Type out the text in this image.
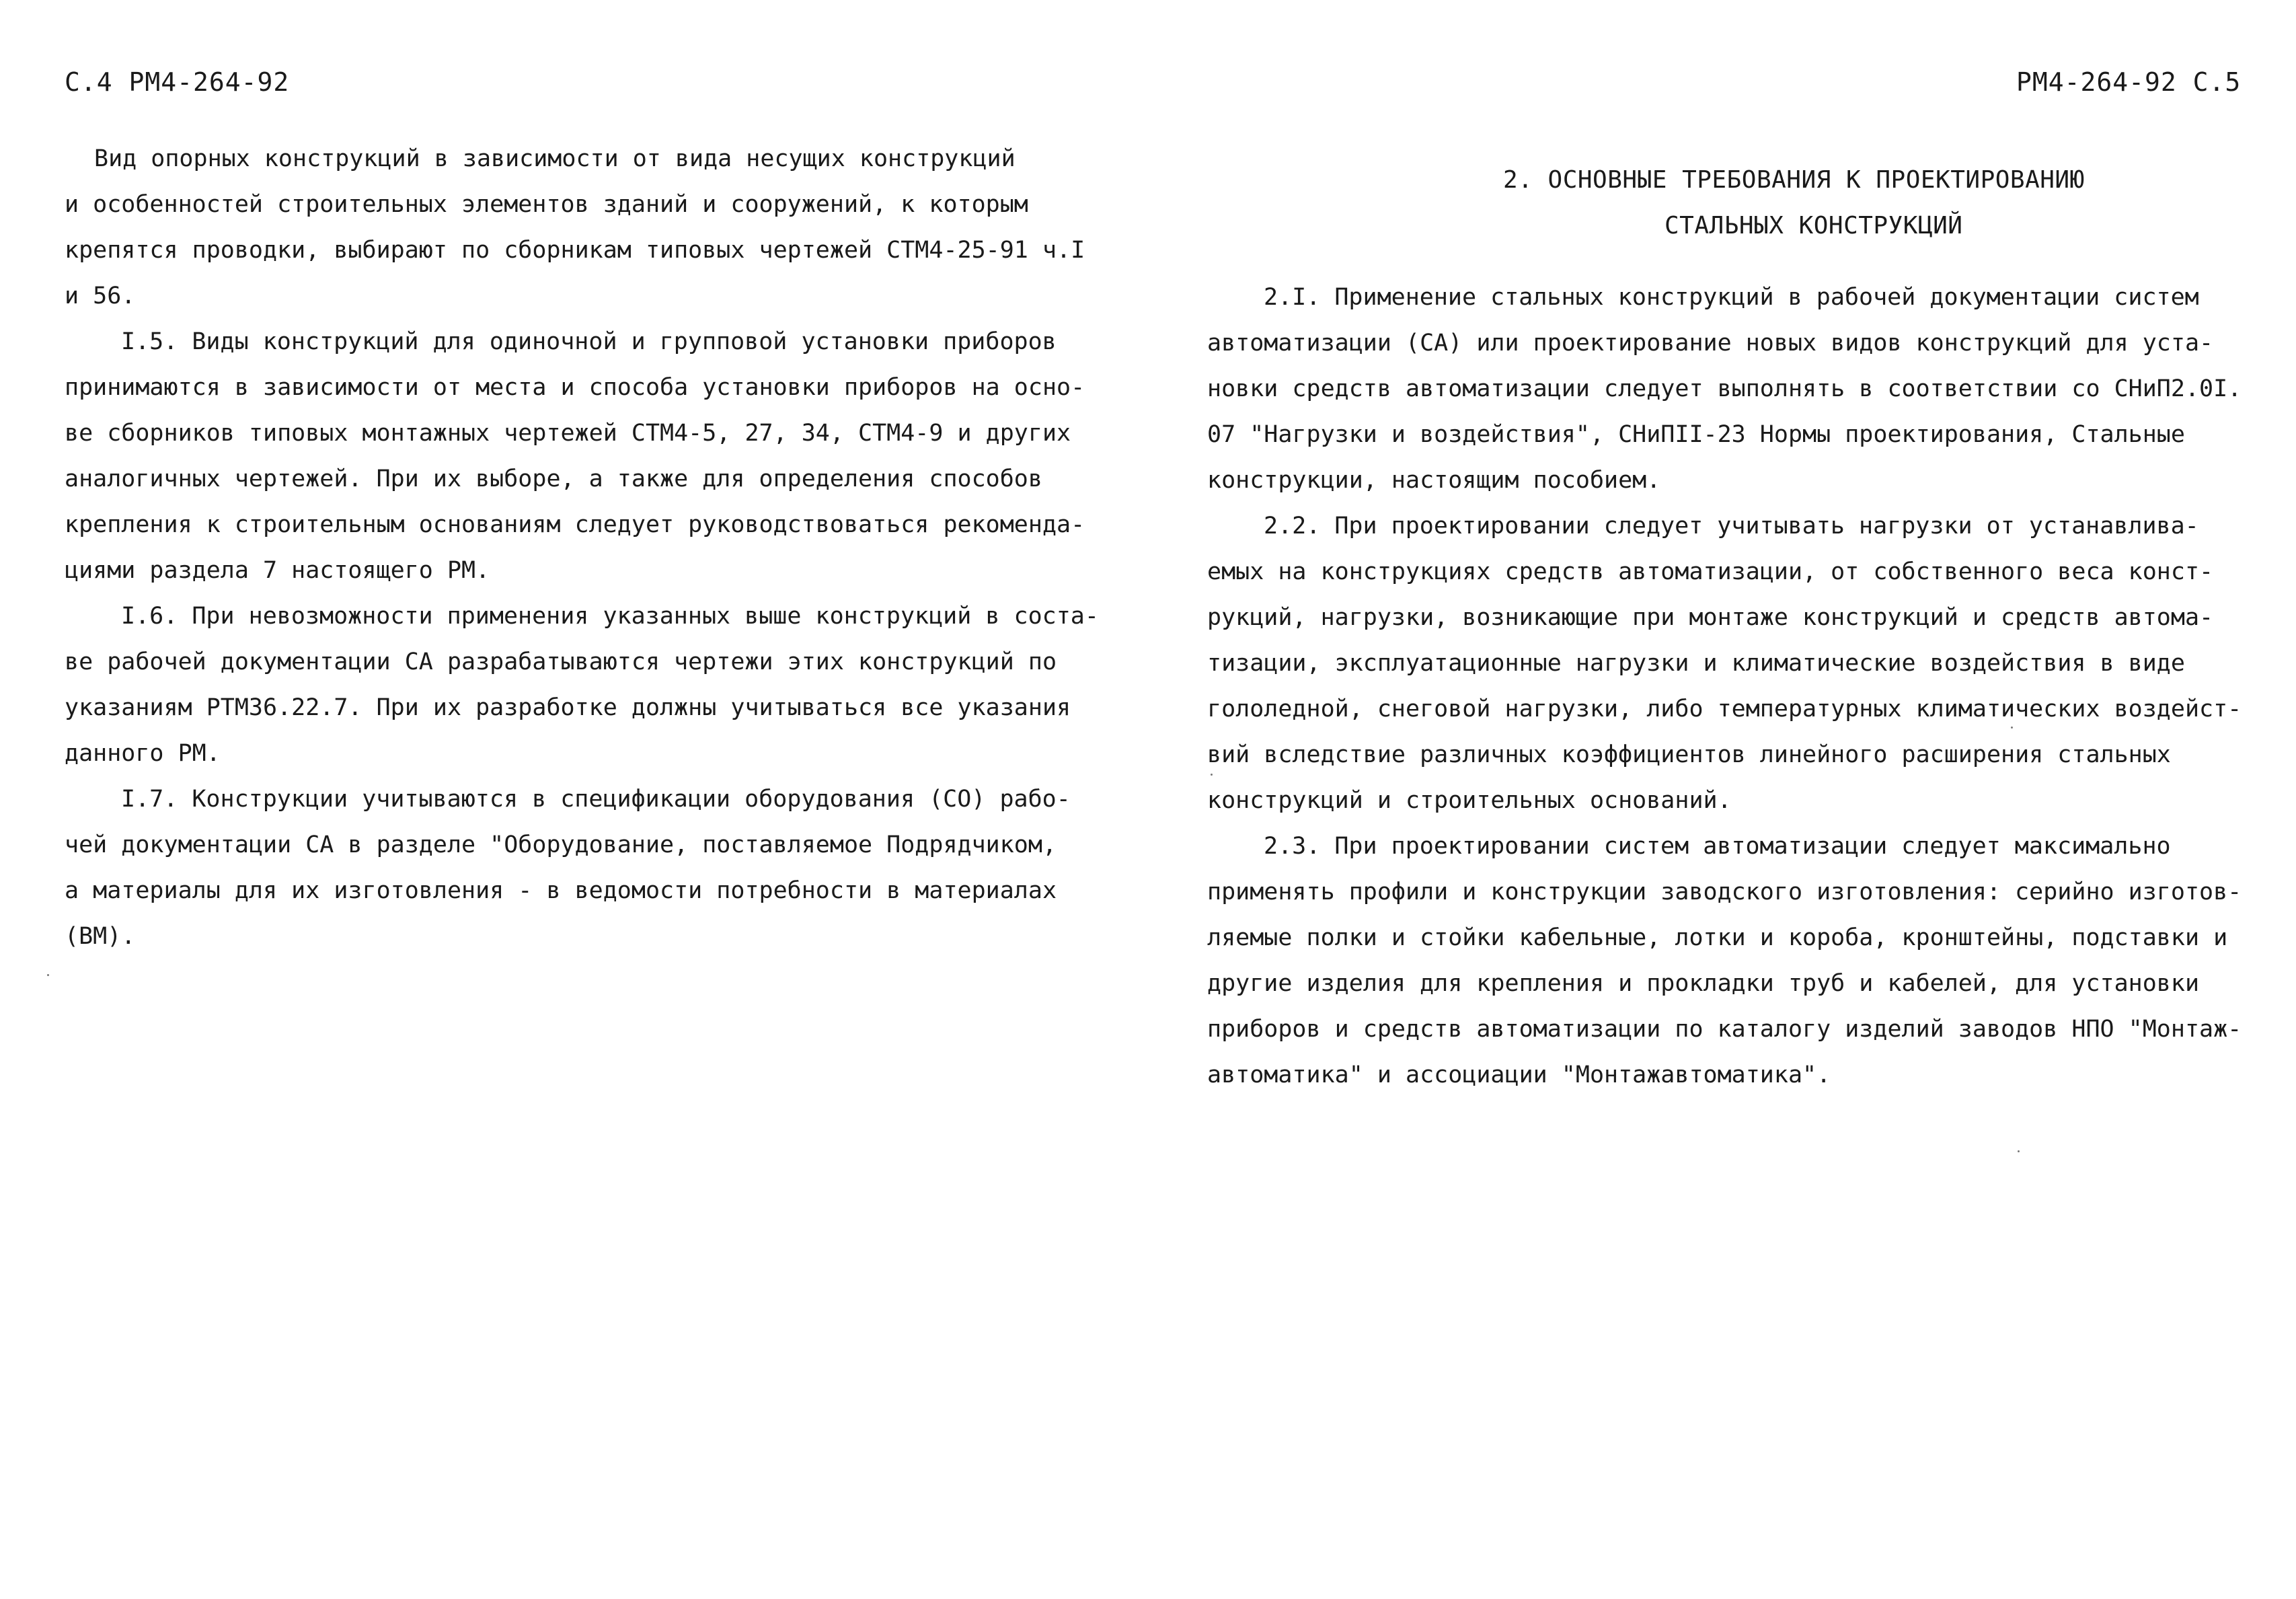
С.4 РМ4-264-92	РМ4-264-92 С.5
Вид опорных конструкций в зависимости от вида несущих конструкций
и особенностей строительных элементов зданий и сооружений, к которым
крепятся проводки, выбирают по сборникам типовых чертежей СТМ4-25-91 ч.I
и 56.
I.5. Виды конструкций для одиночной и групповой установки приборов
принимаются в зависимости от места и способа установки приборов на осно-
ве сборников типовых монтажных чертежей СТМ4-5, 27, 34, СТМ4-9 и других
аналогичных чертежей. При их выборе, а также для определения способов
крепления к строительным основаниям следует руководствоваться рекоменда-
циями раздела 7 настоящего РМ.
I.6. При невозможности применения указанных выше конструкций в соста-
ве рабочей документации СА разрабатываются чертежи этих конструкций по
указаниям РТМ36.22.7. При их разработке должны учитываться все указания
данного РМ.
I.7. Конструкции учитываются в спецификации оборудования (СО) рабо-
чей документации СА в разделе "Оборудование, поставляемое Подрядчиком,
а материалы для их изготовления - в ведомости потребности в материалах
(ВМ).
2. ОСНОВНЫЕ ТРЕБОВАНИЯ К ПРОЕКТИРОВАНИЮ
СТАЛЬНЫХ КОНСТРУКЦИЙ
2.I. Применение стальных конструкций в рабочей документации систем
автоматизации (СА) или проектирование новых видов конструкций для уста-
новки средств автоматизации следует выполнять в соответствии со СНиП2.0I.
07 "Нагрузки и воздействия", СНиПII-23 Нормы проектирования, Стальные
конструкции, настоящим пособием.
2.2. При проектировании следует учитывать нагрузки от устанавлива-
емых на конструкциях средств автоматизации, от собственного веса конст-
рукций, нагрузки, возникающие при монтаже конструкций и средств автома-
тизации, эксплуатационные нагрузки и климатические воздействия в виде
гололедной, снеговой нагрузки, либо температурных климатических воздейст-
вий вследствие различных коэффициентов линейного расширения стальных
конструкций и строительных оснований.
2.3. При проектировании систем автоматизации следует максимально
применять профили и конструкции заводского изготовления: серийно изготов-
ляемые полки и стойки кабельные, лотки и короба, кронштейны, подставки и
другие изделия для крепления и прокладки труб и кабелей, для установки
приборов и средств автоматизации по каталогу изделий заводов НПО "Монтаж-
автоматика" и ассоциации "Монтажавтоматика".
